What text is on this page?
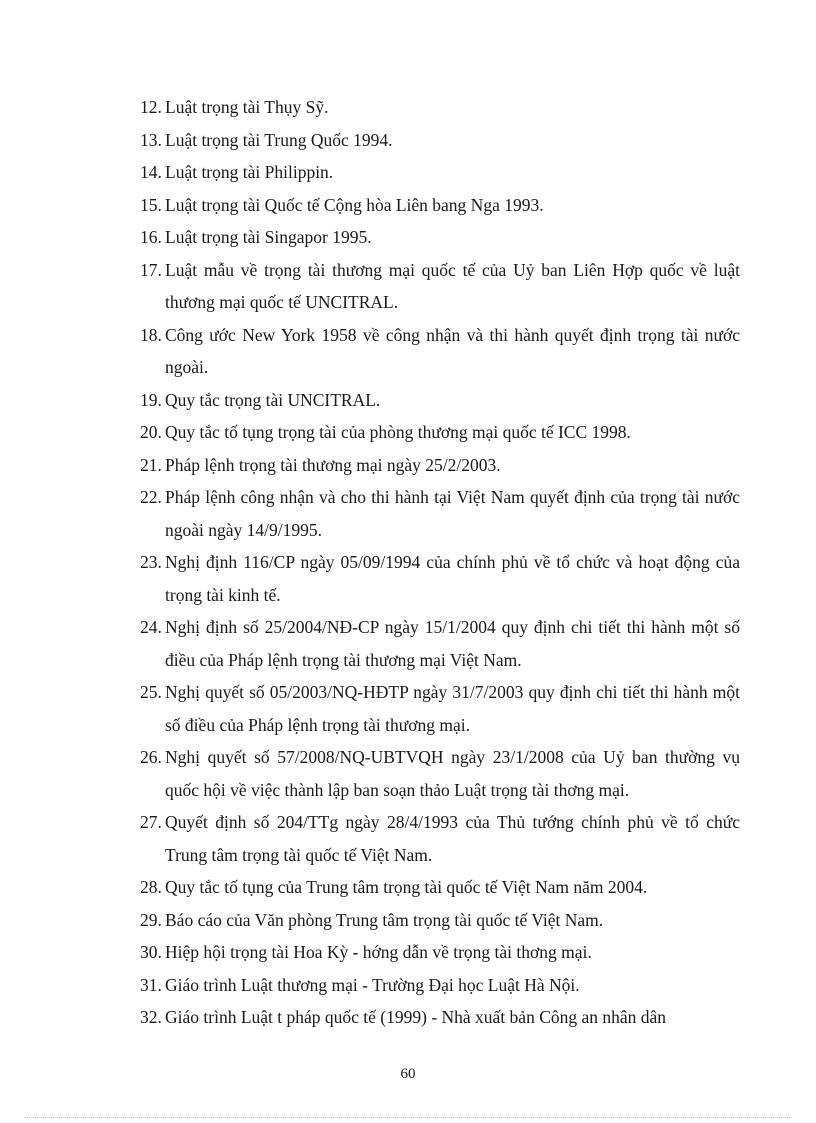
12. Luật trọng tài Thụy Sỹ.
13. Luật trọng tài Trung Quốc 1994.
14. Luật trọng tài Philippin.
15. Luật trọng tài Quốc tế Cộng hòa Liên bang Nga 1993.
16. Luật trọng tài Singapor 1995.
17. Luật mẫu về trọng tài thương mại quốc tế của Uỷ ban Liên Hợp quốc về luật thương mại quốc tế UNCITRAL.
18. Công ước New York 1958 về công nhận và thi hành quyết định trọng tài nước ngoài.
19. Quy tắc trọng tài UNCITRAL.
20. Quy tắc tố tụng trọng tài của phòng thương mại quốc tế ICC 1998.
21. Pháp lệnh trọng tài thương mại ngày 25/2/2003.
22. Pháp lệnh công nhận và cho thi hành tại Việt Nam quyết định của trọng tài nước ngoài ngày 14/9/1995.
23. Nghị định 116/CP ngày 05/09/1994 của chính phủ về tổ chức và hoạt động của trọng tài kinh tế.
24. Nghị định số 25/2004/NĐ-CP ngày 15/1/2004 quy định chi tiết thi hành một số điều của Pháp lệnh trọng tài thương mại Việt Nam.
25. Nghị quyết số 05/2003/NQ-HĐTP ngày 31/7/2003 quy định chi tiết thi hành một số điều của Pháp lệnh trọng tài thương mại.
26. Nghị quyết số 57/2008/NQ-UBTVQH ngày 23/1/2008 của Uỷ ban thường vụ quốc hội về việc thành lập ban soạn thảo Luật trọng tài thơng mại.
27. Quyết định số 204/TTg ngày 28/4/1993 của Thủ tướng chính phủ về tổ chức Trung tâm trọng tài quốc tế Việt Nam.
28. Quy tắc tố tụng của Trung tâm trọng tài quốc tế Việt Nam năm 2004.
29. Báo cáo của Văn phòng Trung tâm trọng tài quốc tế Việt Nam.
30. Hiệp hội trọng tài Hoa Kỳ - hớng dẫn về trọng tài thơng mại.
31. Giáo trình Luật thương mại - Trường Đại học Luật Hà Nội.
32. Giáo trình Luật t pháp quốc tế (1999) - Nhà xuất bản Công an nhân dân
60
